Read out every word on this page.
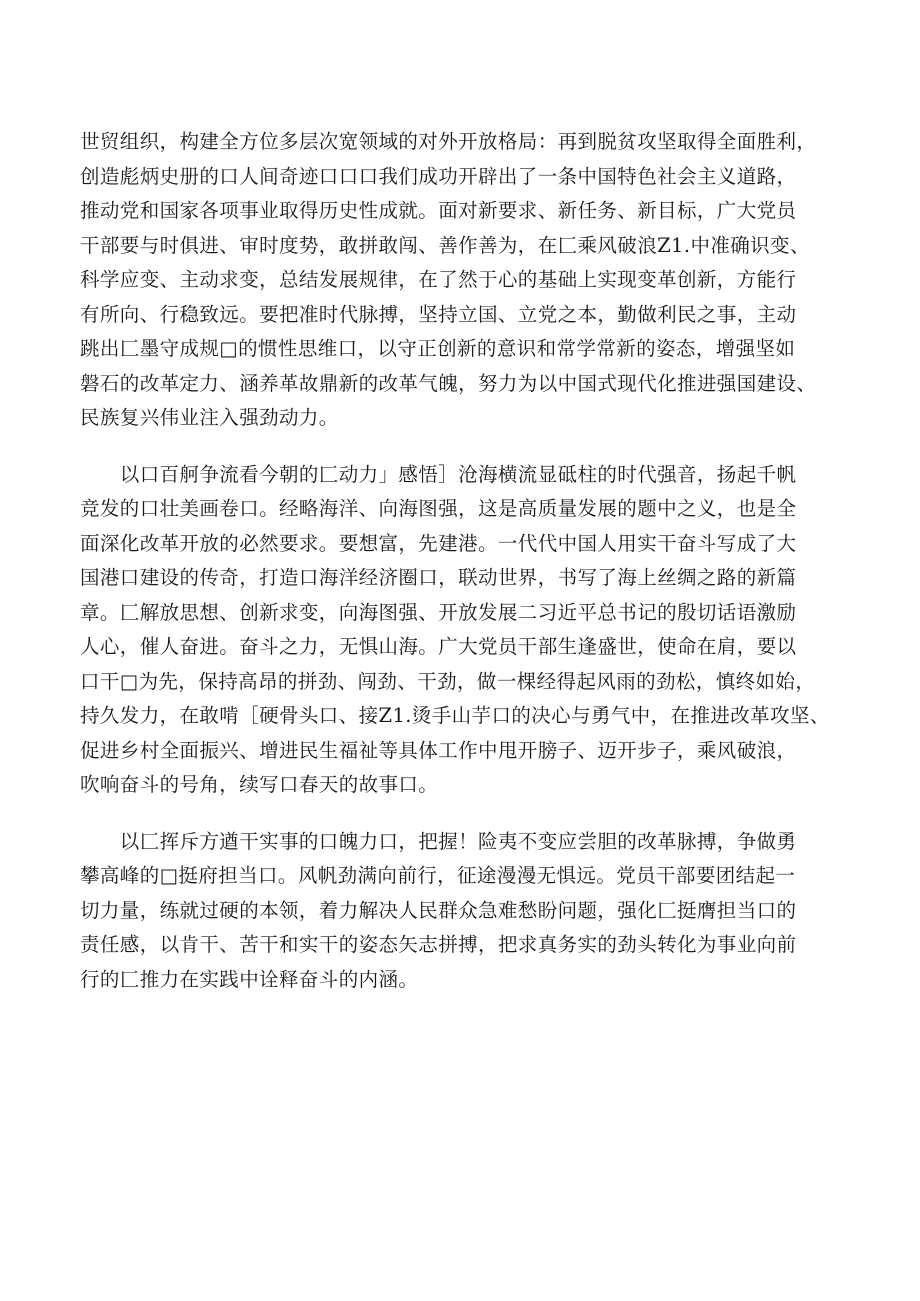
世贸组织，构建全方位多层次宽领域的对外开放格局：再到脱贫攻坚取得全面胜利，
创造彪炳史册的口人间奇迹口口口我们成功开辟出了一条中国特色社会主义道路，
推动党和国家各项事业取得历史性成就。面对新要求、新任务、新目标，广大党员
干部要与时俱进、审时度势，敢拼敢闯、善作善为，在匚乘风破浪Z1.中准确识变、
科学应变、主动求变，总结发展规律，在了然于心的基础上实现变革创新，方能行
有所向、行稳致远。要把准时代脉搏，坚持立国、立党之本，勤做利民之事，主动
跳出匚墨守成规□的惯性思维口，以守正创新的意识和常学常新的姿态，增强坚如
磐石的改革定力、涵养革故鼎新的改革气魄，努力为以中国式现代化推进强国建设、
民族复兴伟业注入强劲动力。
　　以口百舸争流看今朝的匚动力」感悟］沧海横流显砥柱的时代强音，扬起千帆
竞发的口壮美画卷口。经略海洋、向海图强，这是高质量发展的题中之义，也是全
面深化改革开放的必然要求。要想富，先建港。一代代中国人用实干奋斗写成了大
国港口建设的传奇，打造口海洋经济圈口，联动世界，书写了海上丝绸之路的新篇
章。匚解放思想、创新求变，向海图强、开放发展二习近平总书记的殷切话语激励
人心，催人奋进。奋斗之力，无惧山海。广大党员干部生逢盛世，使命在肩，要以
口干□为先，保持高昂的拼劲、闯劲、干劲，做一棵经得起风雨的劲松，慎终如始，
持久发力，在敢啃［硬骨头口、接Z1.烫手山芋口的决心与勇气中，在推进改革攻坚、
促进乡村全面振兴、增进民生福祉等具体工作中甩开膀子、迈开步子，乘风破浪，
吹响奋斗的号角，续写口春天的故事口。
　　以匚挥斥方遒干实事的口魄力口，把握！险夷不变应尝胆的改革脉搏，争做勇
攀高峰的□挺府担当口。风帆劲满向前行，征途漫漫无惧远。党员干部要团结起一
切力量，练就过硬的本领，着力解决人民群众急难愁盼问题，强化匚挺膺担当口的
责任感，以肯干、苦干和实干的姿态矢志拼搏，把求真务实的劲头转化为事业向前
行的匚推力在实践中诠释奋斗的内涵。
